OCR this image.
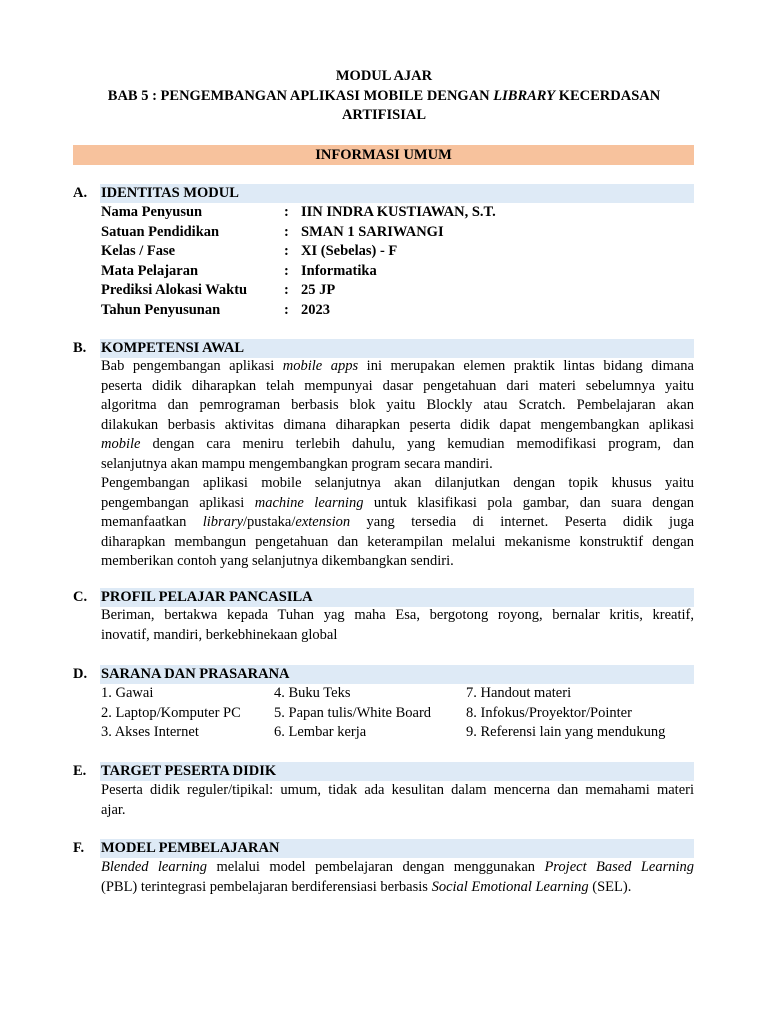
MODUL AJAR
BAB 5 : PENGEMBANGAN APLIKASI MOBILE DENGAN LIBRARY KECERDASAN
ARTIFISIAL
INFORMASI UMUM
A. IDENTITAS MODUL
Nama Penyusun	: IIN INDRA KUSTIAWAN, S.T.
Satuan Pendidikan	: SMAN 1 SARIWANGI
Kelas / Fase	: XI (Sebelas) - F
Mata Pelajaran	: Informatika
Prediksi Alokasi Waktu	: 25 JP
Tahun Penyusunan	: 2023
B. KOMPETENSI AWAL
Bab pengembangan aplikasi mobile apps ini merupakan elemen praktik lintas bidang dimana
peserta didik diharapkan telah mempunyai dasar pengetahuan dari materi sebelumnya yaitu
algoritma dan pemrograman berbasis blok yaitu Blockly atau Scratch. Pembelajaran akan
dilakukan berbasis aktivitas dimana diharapkan peserta didik dapat mengembangkan aplikasi
mobile dengan cara meniru terlebih dahulu, yang kemudian memodifikasi program, dan
selanjutnya akan mampu mengembangkan program secara mandiri.
Pengembangan aplikasi mobile selanjutnya akan dilanjutkan dengan topik khusus yaitu
pengembangan aplikasi machine learning untuk klasifikasi pola gambar, dan suara dengan
memanfaatkan library/pustaka/extension yang tersedia di internet. Peserta didik juga
diharapkan membangun pengetahuan dan keterampilan melalui mekanisme konstruktif dengan
memberikan contoh yang selanjutnya dikembangkan sendiri.
C. PROFIL PELAJAR PANCASILA
Beriman, bertakwa kepada Tuhan yag maha Esa, bergotong royong, bernalar kritis, kreatif,
inovatif, mandiri, berkebhinekaan global
D. SARANA DAN PRASARANA
1. Gawai
2. Laptop/Komputer PC
3. Akses Internet
4. Buku Teks
5. Papan tulis/White Board
6. Lembar kerja
7. Handout materi
8. Infokus/Proyektor/Pointer
9. Referensi lain yang mendukung
E. TARGET PESERTA DIDIK
Peserta didik reguler/tipikal: umum, tidak ada kesulitan dalam mencerna dan memahami materi
ajar.
F. MODEL PEMBELAJARAN
Blended learning melalui model pembelajaran dengan menggunakan Project Based Learning
(PBL) terintegrasi pembelajaran berdiferensiasi berbasis Social Emotional Learning (SEL).
